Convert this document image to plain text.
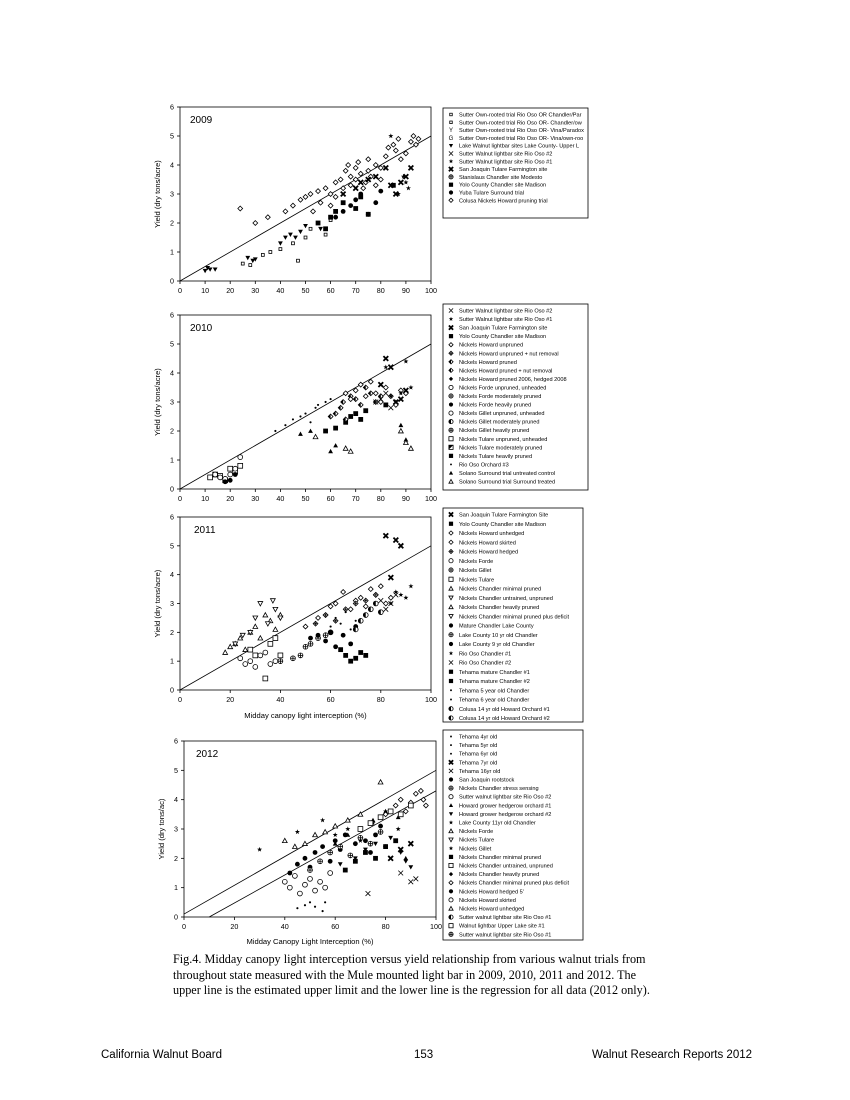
0	10 20 30 40 50 60 70 80 90 100
0
1
2
3
4
5
6
Yield (dry tons/acre)
2009	Sutter Own-rooted trial Rio Oso OR Chandler/Par
Sutter Own-rooted trial Rio Oso OR- Chandler/ow
Y Sutter Own-rooted trial Rio Oso OR- Vina/Paradox
G Sutter Own-rooted trial Rio Oso OR- Vina/own-roo
Lake Walnut lightbar sites Lake County- Upper L
Sutter Walnut lightbar site Rio Oso #2
Sutter Walnut lightbar site Rio Oso #1
San Joaquin Tulare Farmington site
Stanislaus Chandler site Modesto
Yolo County Chandler site Madison
Yuba Tulare Surround trial
Colusa Nickels Howard pruning trial
0	10 20 30 40 50 60 70 80 90 100
0
1
2
3
4
5
6
Yield (dry tons/acre)
2010
Sutter Walnut lightbar site Rio Oso #2
Sutter Walnut lightbar site Rio Oso #1
San Joaquin Tulare Farmington site
Yolo County Chandler site Madison
Nickels Howard unpruned
Nickels Howard unpruned + nut removal
Nickels Howard pruned
Nickels Howard pruned + nut removal
Nickels Howard pruned 2006, hedged 2008
Nickels Forde unpruned, unheaded
Nickels Forde moderately pruned
Nickels Forde heavily pruned
Nickels Gillet unpruned, unheaded
Nickels Gillet moderately pruned
Nickels Gillet heavily pruned
Nickels Tulare unpruned, unheaded
Nickels Tulare moderately pruned
Nickels Tulare heavily pruned
Rio Oso Orchard #3
Solano Surround trial untreated control
Solano Surround trial Surround treated
0	20	40	60	80	100
0
1
2
3
4
5
6
Yield (dry tons/acre)
Midday canopy light interception (%)
2011
San Joaquin Tulare Farmington Site
Yolo County Chandler site Madison
Nickels Howard unhedged
Nickels Howard skirted
Nickels Howard hedged
Nickels Forde
Nickels Gillet
Nickels Tulare
Nickels Chandler minimal pruned
Nickels Chandler untrained, unpruned
Nickels Chandler heavily pruned
Nickels Chandler minimal pruned plus deficit
Mature Chandler Lake County
Lake County 10 yr old Chandler
Lake County 9 yr old Chandler
Rio Oso Chandler #1
Rio Oso Chandler #2
Tehama mature Chandler #1
Tehama mature Chandler #2
Tehama 5 year old Chandler
Tehama 6 year old Chandler
Colusa 14 yr old Howard Orchard #1
Colusa 14 yr old Howard Orchard #2
0	20	40	60	80	100
0
1
2
3
4
5
6
Yield (dry tons/ac)
Midday Canopy Light Interception (%)
2012
Tehama 4yr old
Tehama 5yr old
Tehama 6yr old
Tehama 7yr old
Tehama 16yr old
San Joaquin rootstock
Nickels Chandler stress sensing
Sutter walnut lightbar site Rio Oso #2
Howard grower hedgerow orchard #1
Howard grower hedgerow orchard #2
Lake County 11yr old Chandler
Nickels Forde
Nickels Tulare
Nickels Gillet
Nickels Chandler minimal pruned
Nickels Chandler untrained, unpruned
Nickels Chandler heavily pruned
Nickels Chandler minimal pruned plus deficit
Nickels Howard hedged 5'
Nickels Howard skirted
Nickels Howard unhedged
Sutter walnut lightbar site Rio Oso #1
Walnut lightbar Upper Lake site #1
Sutter walnut lightbar site Rio Oso #1

Fig.4. Midday canopy light interception versus yield relationship from various walnut trials from
throughout state measured with the Mule mounted light bar in 2009, 2010, 2011 and 2012. The
upper line is the estimated upper limit and the lower line is the regression for all data (2012 only).

California Walnut Board	153	Walnut Research Reports 2012
